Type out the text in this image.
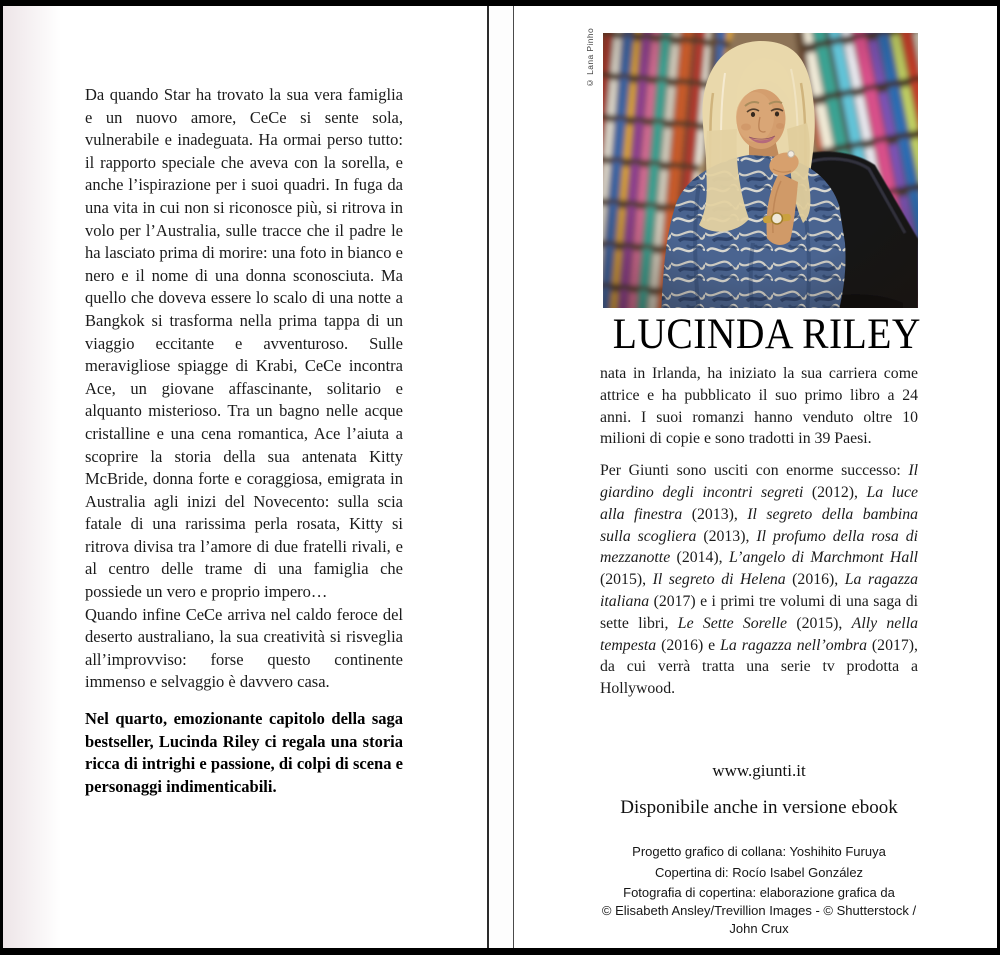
Da quando Star ha trovato la sua vera famiglia e un nuovo amore, CeCe si sente sola, vulnerabile e inadeguata. Ha ormai perso tutto: il rapporto speciale che aveva con la sorella, e anche l’ispirazione per i suoi quadri. In fuga da una vita in cui non si riconosce più, si ritrova in volo per l’Australia, sulle tracce che il padre le ha lasciato prima di morire: una foto in bianco e nero e il nome di una donna sconosciuta. Ma quello che doveva essere lo scalo di una notte a Bangkok si trasforma nella prima tappa di un viaggio eccitante e avventuroso. Sulle meravigliose spiagge di Krabi, CeCe incontra Ace, un giovane affascinante, solitario e alquanto misterioso. Tra un bagno nelle acque cristalline e una cena romantica, Ace l’aiuta a scoprire la storia della sua antenata Kitty McBride, donna forte e coraggiosa, emigrata in Australia agli inizi del Novecento: sulla scia fatale di una rarissima perla rosata, Kitty si ritrova divisa tra l’amore di due fratelli rivali, e al centro delle trame di una famiglia che possiede un vero e proprio impero…

Quando infine CeCe arriva nel caldo feroce del deserto australiano, la sua creatività si risveglia all’improvviso: forse questo continente immenso e selvaggio è davvero casa.

Nel quarto, emozionante capitolo della saga bestseller, Lucinda Riley ci regala una storia ricca di intrighi e passione, di colpi di scena e personaggi indimenticabili.

© Lana Pinho
LUCINDA RILEY

nata in Irlanda, ha iniziato la sua carriera come attrice e ha pubblicato il suo primo libro a 24 anni. I suoi romanzi hanno venduto oltre 10 milioni di copie e sono tradotti in 39 Paesi.

Per Giunti sono usciti con enorme successo: Il giardino degli incontri segreti (2012), La luce alla finestra (2013), Il segreto della bambina sulla scogliera (2013), Il profumo della rosa di mezzanotte (2014), L’angelo di Marchmont Hall (2015), Il segreto di Helena (2016), La ragazza italiana (2017) e i primi tre volumi di una saga di sette libri, Le Sette Sorelle (2015), Ally nella tempesta (2016) e La ragazza nell’ombra (2017), da cui verrà tratta una serie tv prodotta a Hollywood.

www.giunti.it
Disponibile anche in versione ebook
Progetto grafico di collana: Yoshihito Furuya
Copertina di: Rocío Isabel González
Fotografia di copertina: elaborazione grafica da
© Elisabeth Ansley/Trevillion Images - © Shutterstock / John Crux
